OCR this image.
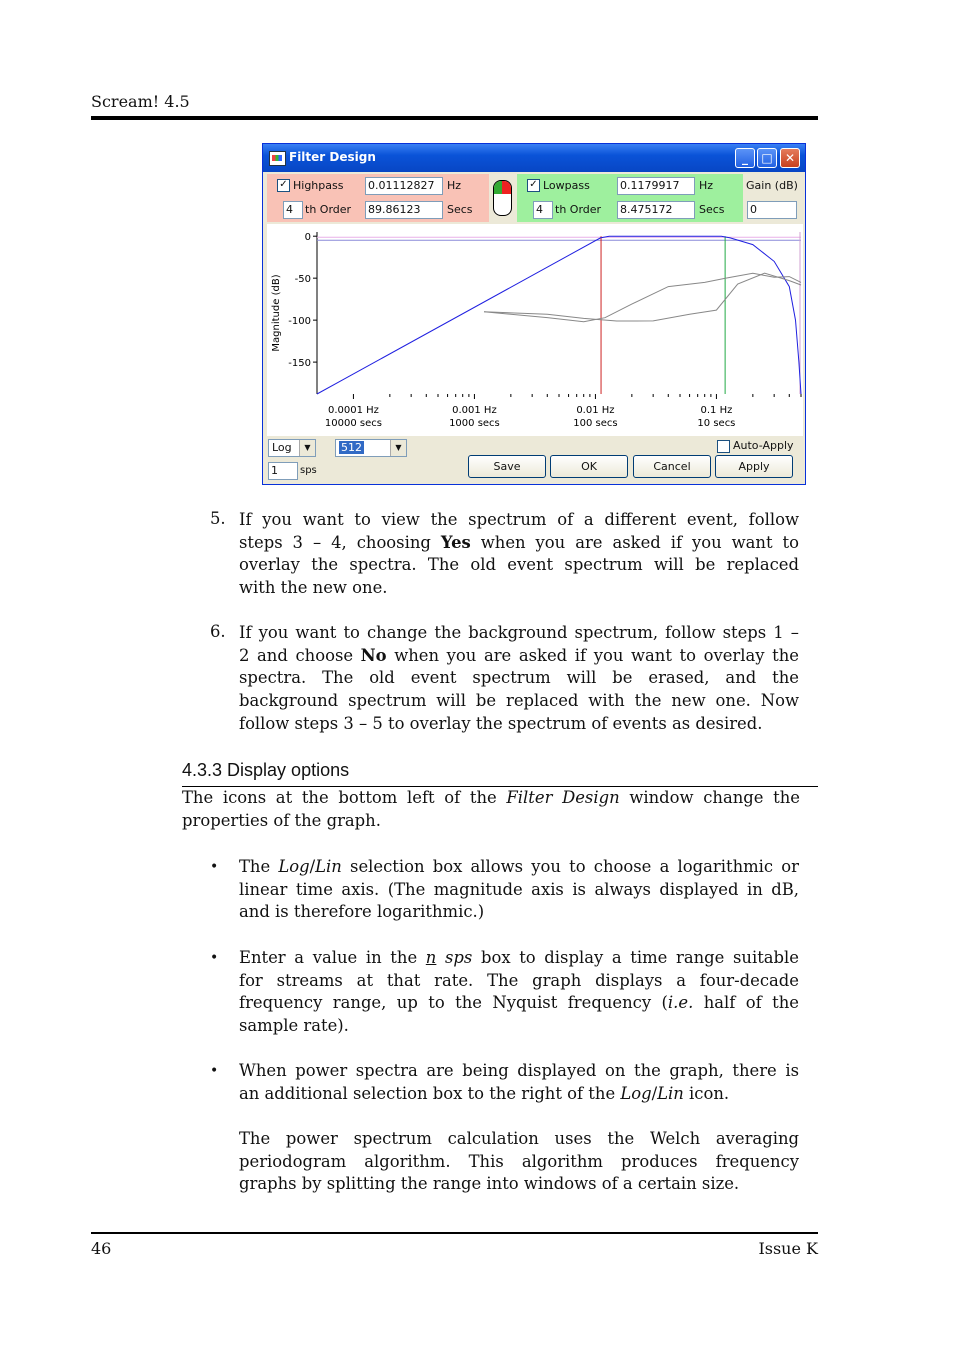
Scream! 4.5
Filter Design	_	□	✕
✓ Highpass 0.01112827	Hz
4	th Order 89.86123	Secs
✓ Lowpass	0.1179917	Hz
4	th Order 8.475172	Secs
Gain (dB)
0
0
-50
-100
-150
Magnitude (dB)
0.0001 Hz
10000 secs
0.001 Hz
1000 secs
0.01 Hz
100 secs
0.1 Hz
10 secs
Log	▼	512	▼	Auto-Apply
1	sps	Save	OK	Cancel	Apply
5. If you want to view the spectrum of a different event, follow
steps 3 – 4, choosing Yes when you are asked if you want to
overlay the spectra. The old event spectrum will be replaced
with the new one.
6. If you want to change the background spectrum, follow steps 1 –
2 and choose No when you are asked if you want to overlay the
spectra. The old event spectrum will be erased, and the
background spectrum will be replaced with the new one. Now
follow steps 3 – 5 to overlay the spectrum of events as desired.
4.3.3 Display options
The icons at the bottom left of the Filter Design window change the
properties of the graph.
• The Log/Lin selection box allows you to choose a logarithmic or
linear time axis. (The magnitude axis is always displayed in dB,
and is therefore logarithmic.)
• Enter a value in the n sps box to display a time range suitable
for streams at that rate. The graph displays a four-decade
frequency range, up to the Nyquist frequency (i.e. half of the
sample rate).
• When power spectra are being displayed on the graph, there is
an additional selection box to the right of the Log/Lin icon.
The power spectrum calculation uses the Welch averaging
periodogram algorithm. This algorithm produces frequency
graphs by splitting the range into windows of a certain size.
46	Issue K
